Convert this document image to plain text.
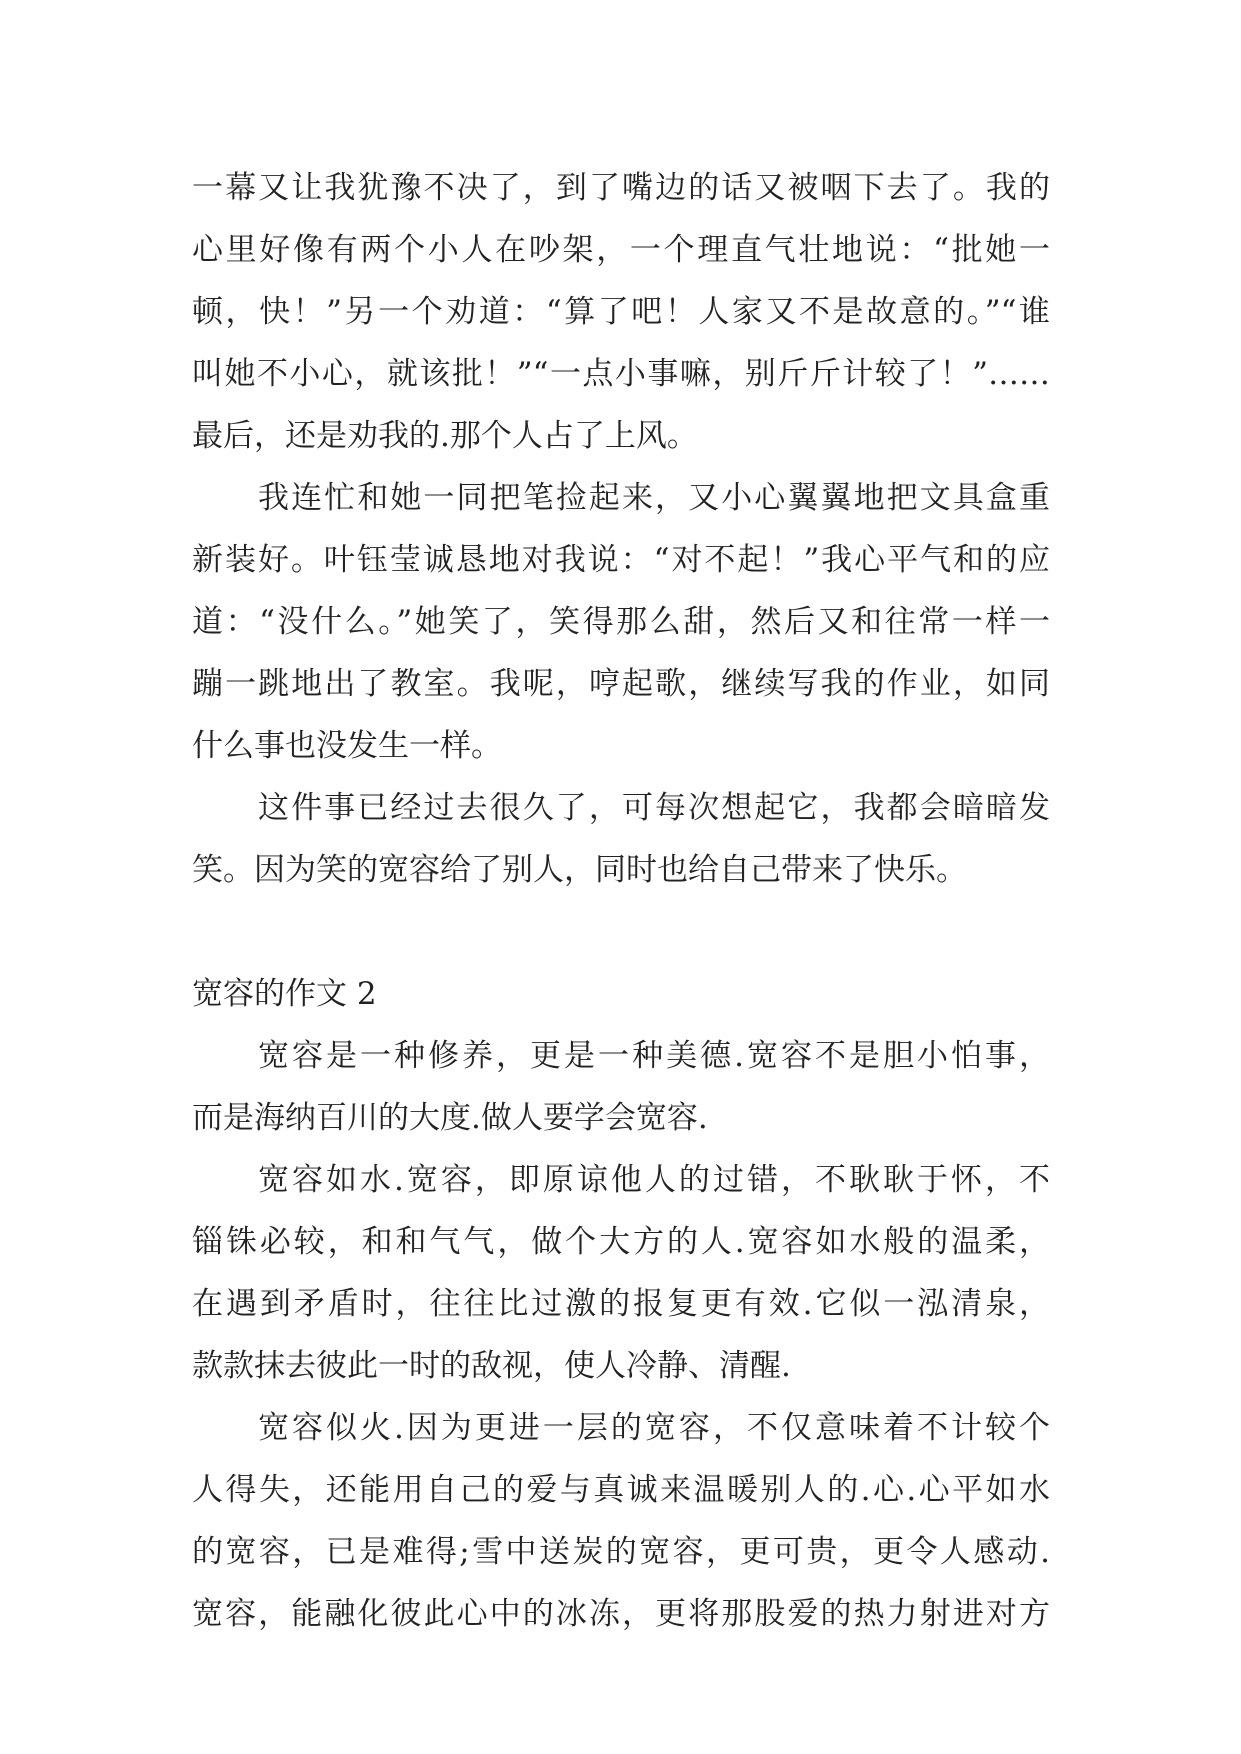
一幕又让我犹豫不决了，到了嘴边的话又被咽下去了。我的
心里好像有两个小人在吵架，一个理直气壮地说：“批她一
顿，快！”另一个劝道：“算了吧！人家又不是故意的。”“谁
叫她不小心，就该批！”“一点小事嘛，别斤斤计较了！”……
最后，还是劝我的.那个人占了上风。
我连忙和她一同把笔捡起来，又小心翼翼地把文具盒重
新装好。叶钰莹诚恳地对我说：“对不起！”我心平气和的应
道：“没什么。”她笑了，笑得那么甜，然后又和往常一样一
蹦一跳地出了教室。我呢，哼起歌，继续写我的作业，如同
什么事也没发生一样。
这件事已经过去很久了，可每次想起它，我都会暗暗发
笑。因为笑的宽容给了别人，同时也给自己带来了快乐。
宽容的作文 2
宽容是一种修养，更是一种美德.宽容不是胆小怕事，
而是海纳百川的大度.做人要学会宽容.
宽容如水.宽容，即原谅他人的过错，不耿耿于怀，不
锱铢必较，和和气气，做个大方的人.宽容如水般的温柔，
在遇到矛盾时，往往比过激的报复更有效.它似一泓清泉，
款款抹去彼此一时的敌视，使人冷静、清醒.
宽容似火.因为更进一层的宽容，不仅意味着不计较个
人得失，还能用自己的爱与真诚来温暖别人的.心.心平如水
的宽容，已是难得;雪中送炭的宽容，更可贵，更令人感动.
宽容，能融化彼此心中的冰冻，更将那股爱的热力射进对方
